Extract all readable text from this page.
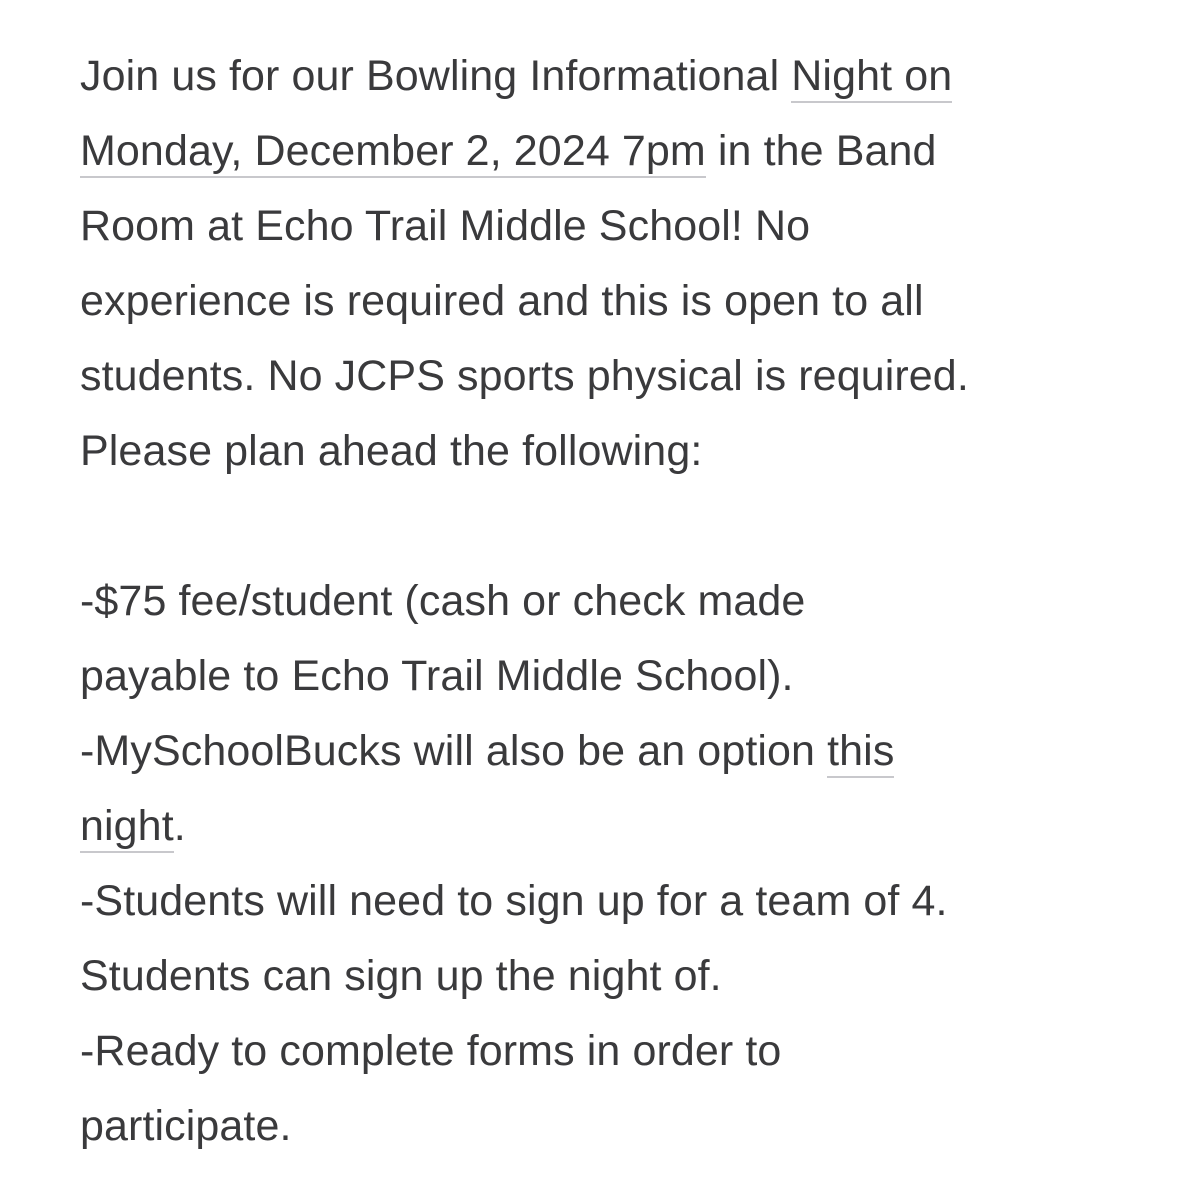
Join us for our Bowling Informational Night on
Monday, December 2, 2024 7pm in the Band
Room at Echo Trail Middle School! No
experience is required and this is open to all
students. No JCPS sports physical is required.
Please plan ahead the following:
-$75 fee/student (cash or check made
payable to Echo Trail Middle School).
-MySchoolBucks will also be an option this
night.
-Students will need to sign up for a team of 4.
Students can sign up the night of.
-Ready to complete forms in order to
participate.
